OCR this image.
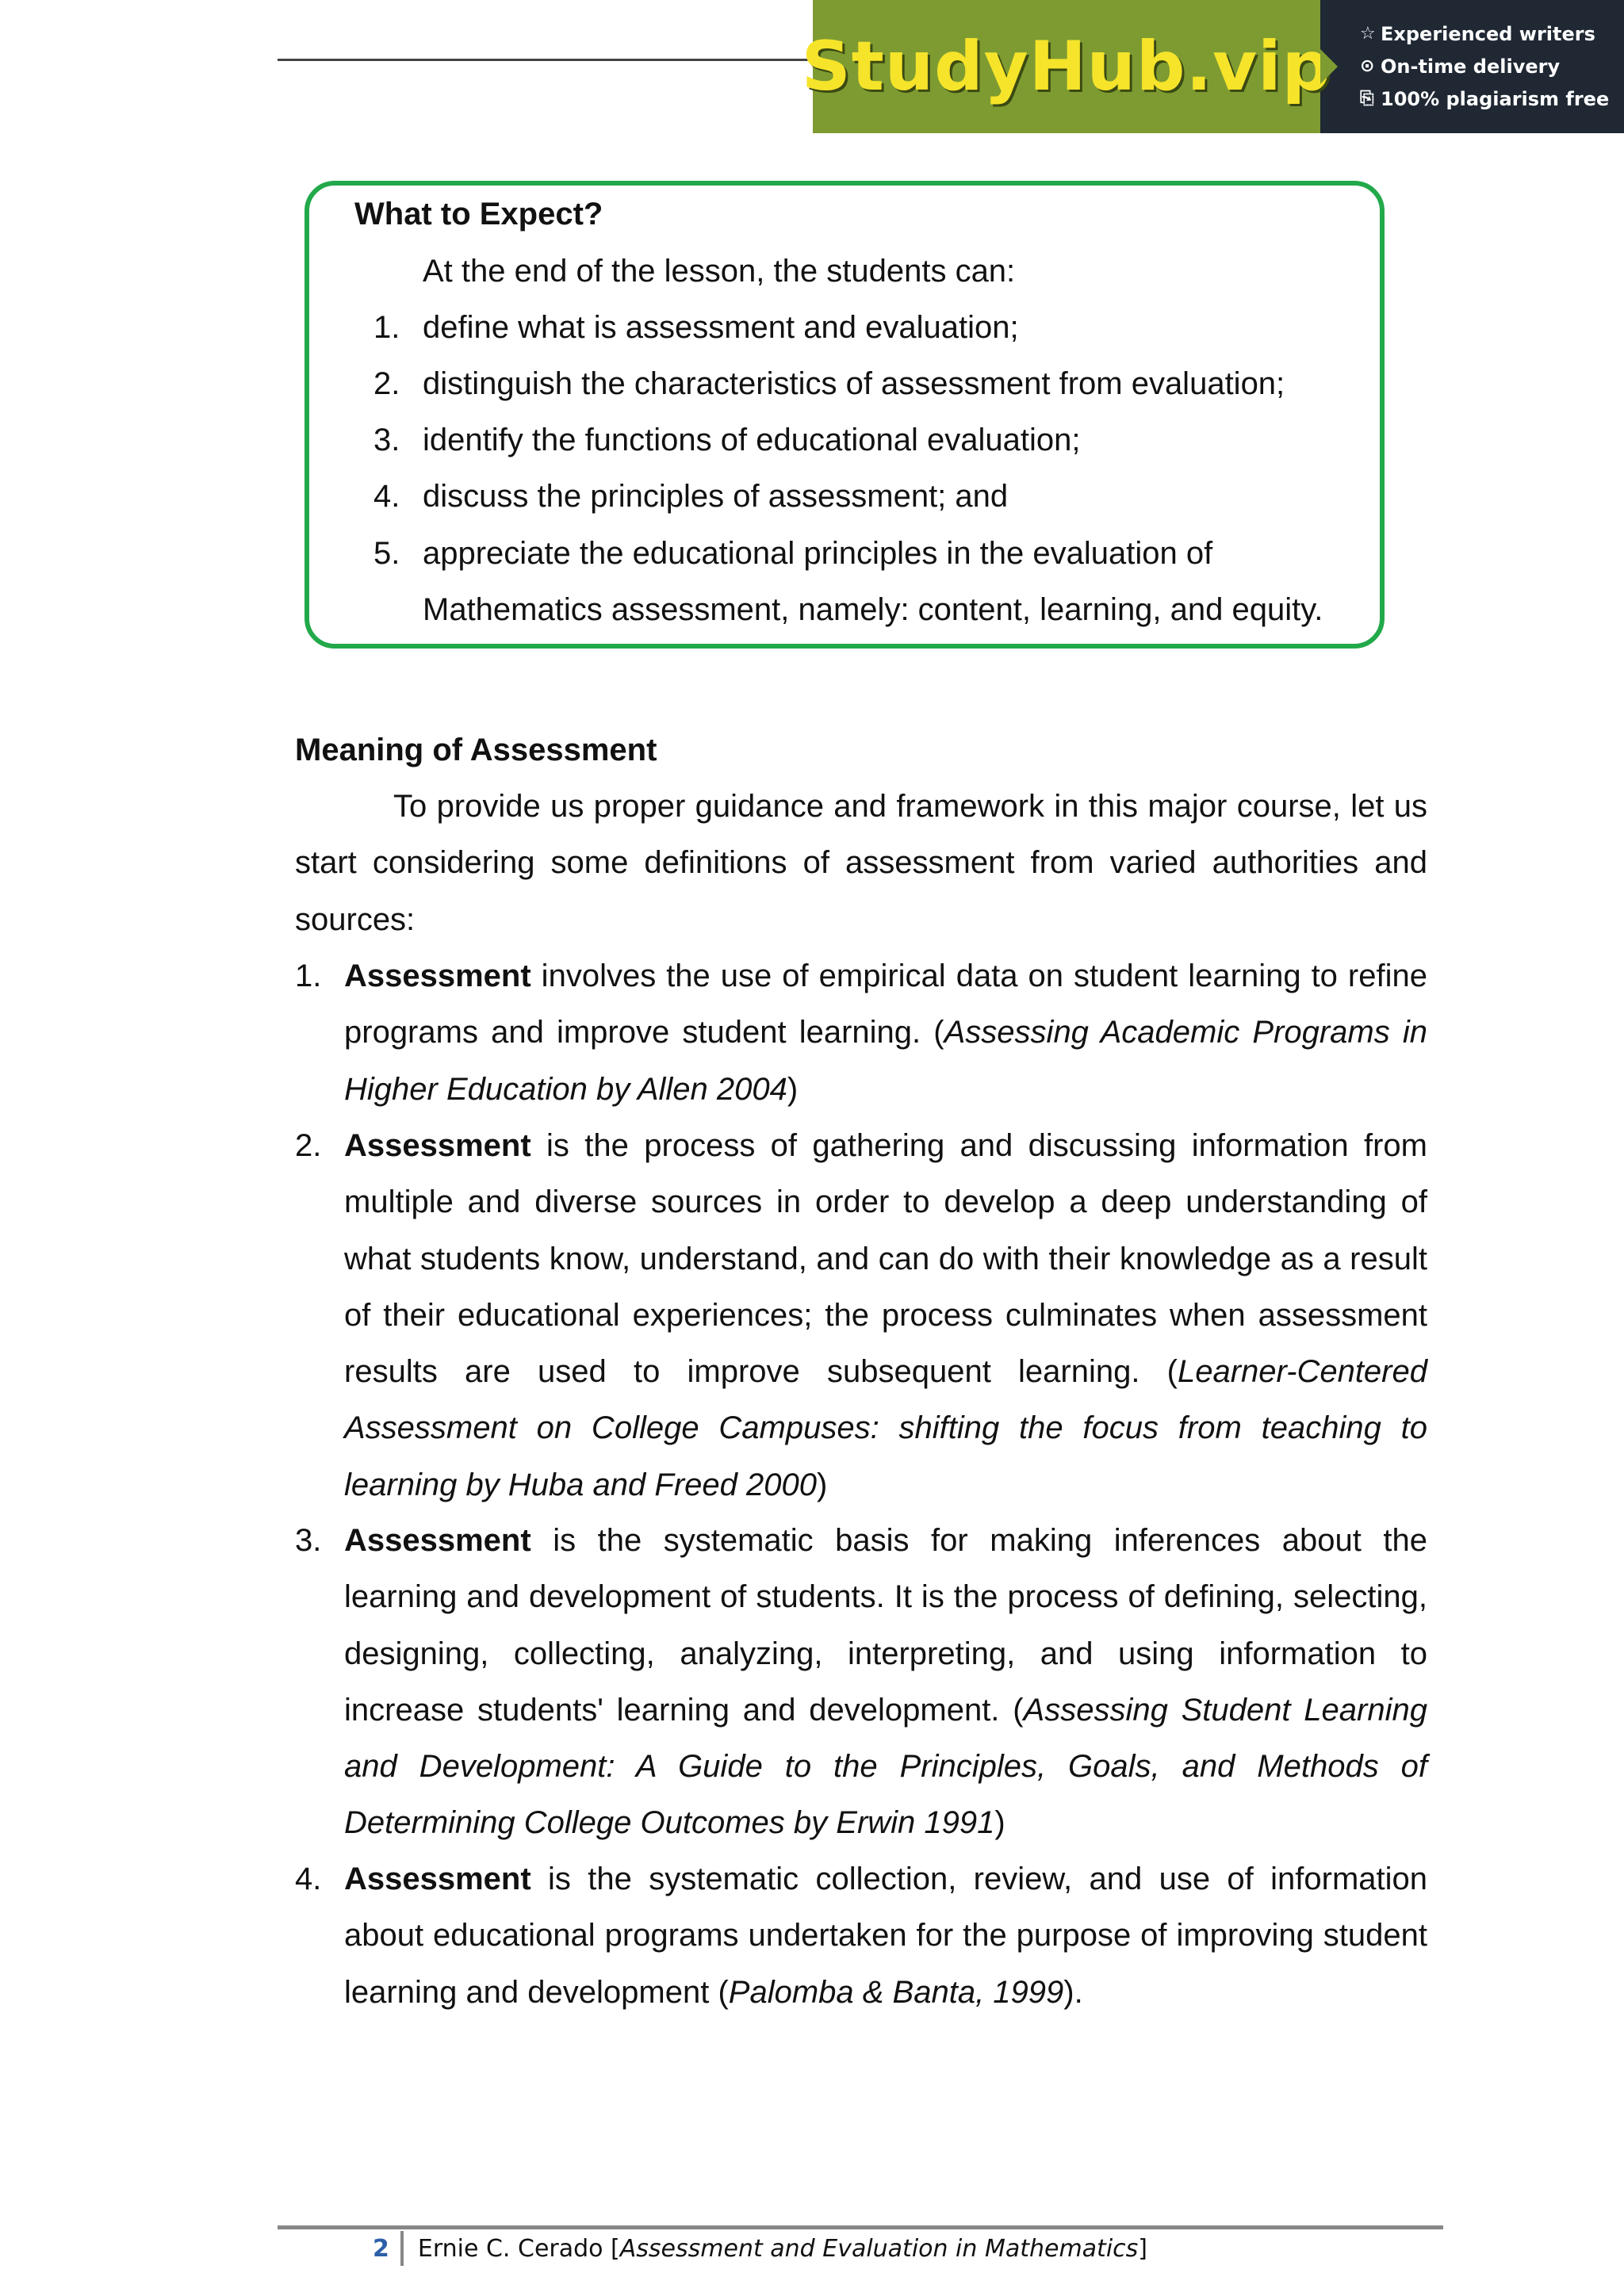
StudyHub.vip ☆ Experienced writers
⊙ On-time delivery
⎘ 100% plagiarism free
What to Expect?
At the end of the lesson, the students can:
1. define what is assessment and evaluation;
2. distinguish the characteristics of assessment from evaluation;
3. identify the functions of educational evaluation;
4. discuss the principles of assessment; and
5. appreciate the educational principles in the evaluation of
Mathematics assessment, namely: content, learning, and equity.
Meaning of Assessment
To provide us proper guidance and framework in this major course, let us start considering some definitions of assessment from varied authorities and sources:
1. Assessment involves the use of empirical data on student learning to refine programs and improve student learning. (Assessing Academic Programs in Higher Education by Allen 2004)
2. Assessment is the process of gathering and discussing information from multiple and diverse sources in order to develop a deep understanding of what students know, understand, and can do with their knowledge as a result of their educational experiences; the process culminates when assessment results are used to improve subsequent learning. (Learner-Centered Assessment on College Campuses: shifting the focus from teaching to learning by Huba and Freed 2000)
3. Assessment is the systematic basis for making inferences about the learning and development of students. It is the process of defining, selecting, designing, collecting, analyzing, interpreting, and using information to increase students' learning and development. (Assessing Student Learning and Development: A Guide to the Principles, Goals, and Methods of Determining College Outcomes by Erwin 1991)
4. Assessment is the systematic collection, review, and use of information about educational programs undertaken for the purpose of improving student learning and development (Palomba & Banta, 1999).
2	Ernie C. Cerado [ Assessment and Evaluation in Mathematics ]
